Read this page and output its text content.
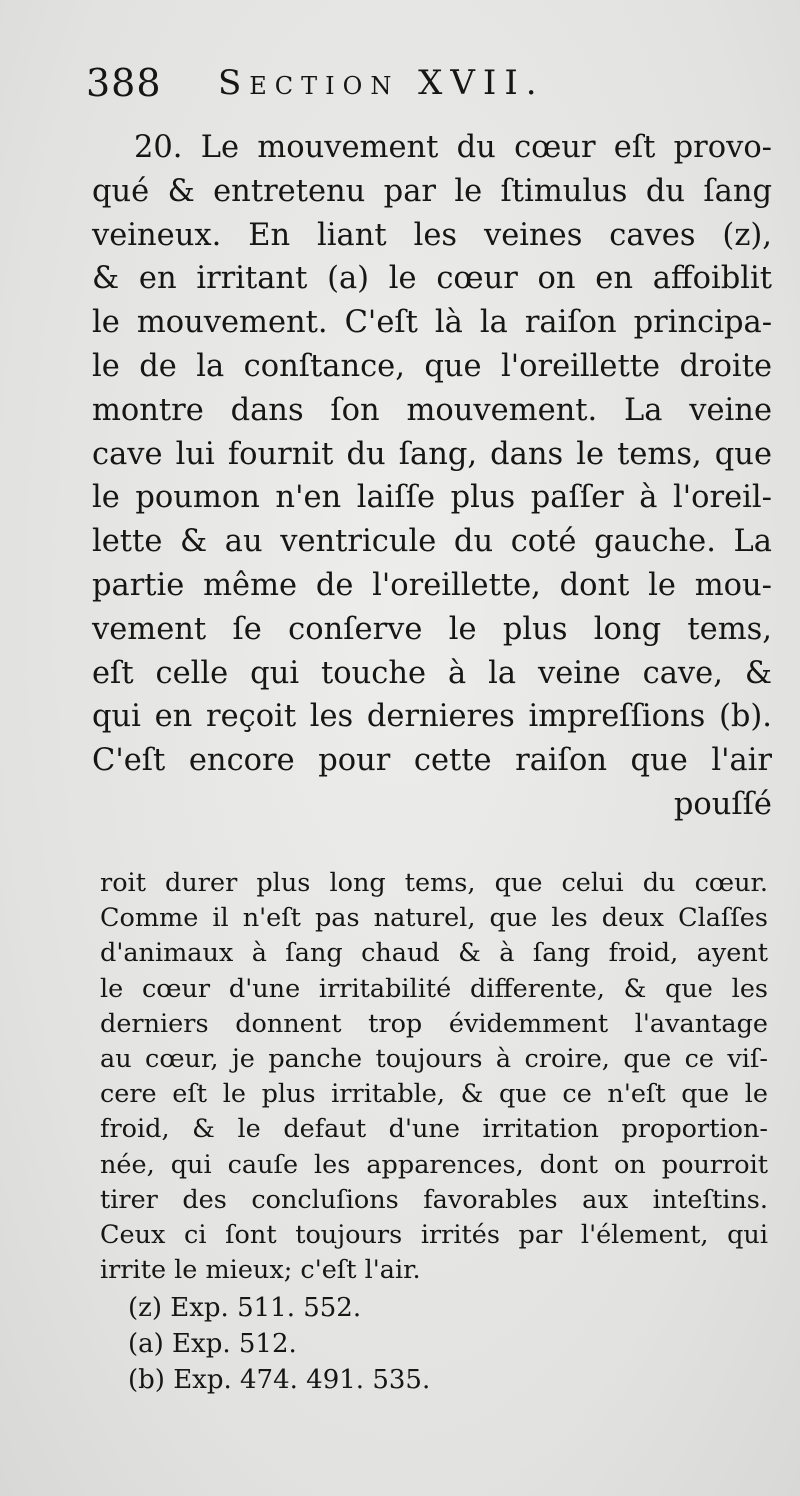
388 Section XVII.
20. Le mouvement du cœur eſt provo-
qué & entretenu par le ſtimulus du ſang
veineux. En liant les veines caves (z),
& en irritant (a) le cœur on en affoiblit
le mouvement. C'eſt là la raiſon principa-
le de la conſtance, que l'oreillette droite
montre dans ſon mouvement. La veine
cave lui fournit du ſang, dans le tems, que
le poumon n'en laiſſe plus paſſer à l'oreil-
lette & au ventricule du coté gauche. La
partie même de l'oreillette, dont le mou-
vement ſe conſerve le plus long tems,
eſt celle qui touche à la veine cave, &
qui en reçoit les dernieres impreſſions (b).
C'eſt encore pour cette raiſon que l'air
pouſſé
roit durer plus long tems, que celui du cœur.
Comme il n'eſt pas naturel, que les deux Claſſes
d'animaux à ſang chaud & à ſang froid, ayent
le cœur d'une irritabilité differente, & que les
derniers donnent trop évidemment l'avantage
au cœur, je panche toujours à croire, que ce viſ-
cere eſt le plus irritable, & que ce n'eſt que le
froid, & le defaut d'une irritation proportion-
née, qui cauſe les apparences, dont on pourroit
tirer des concluſions favorables aux inteſtins.
Ceux ci ſont toujours irrités par l'élement, qui
irrite le mieux; c'eſt l'air.
(z) Exp. 511. 552.
(a) Exp. 512.
(b) Exp. 474. 491. 535.
